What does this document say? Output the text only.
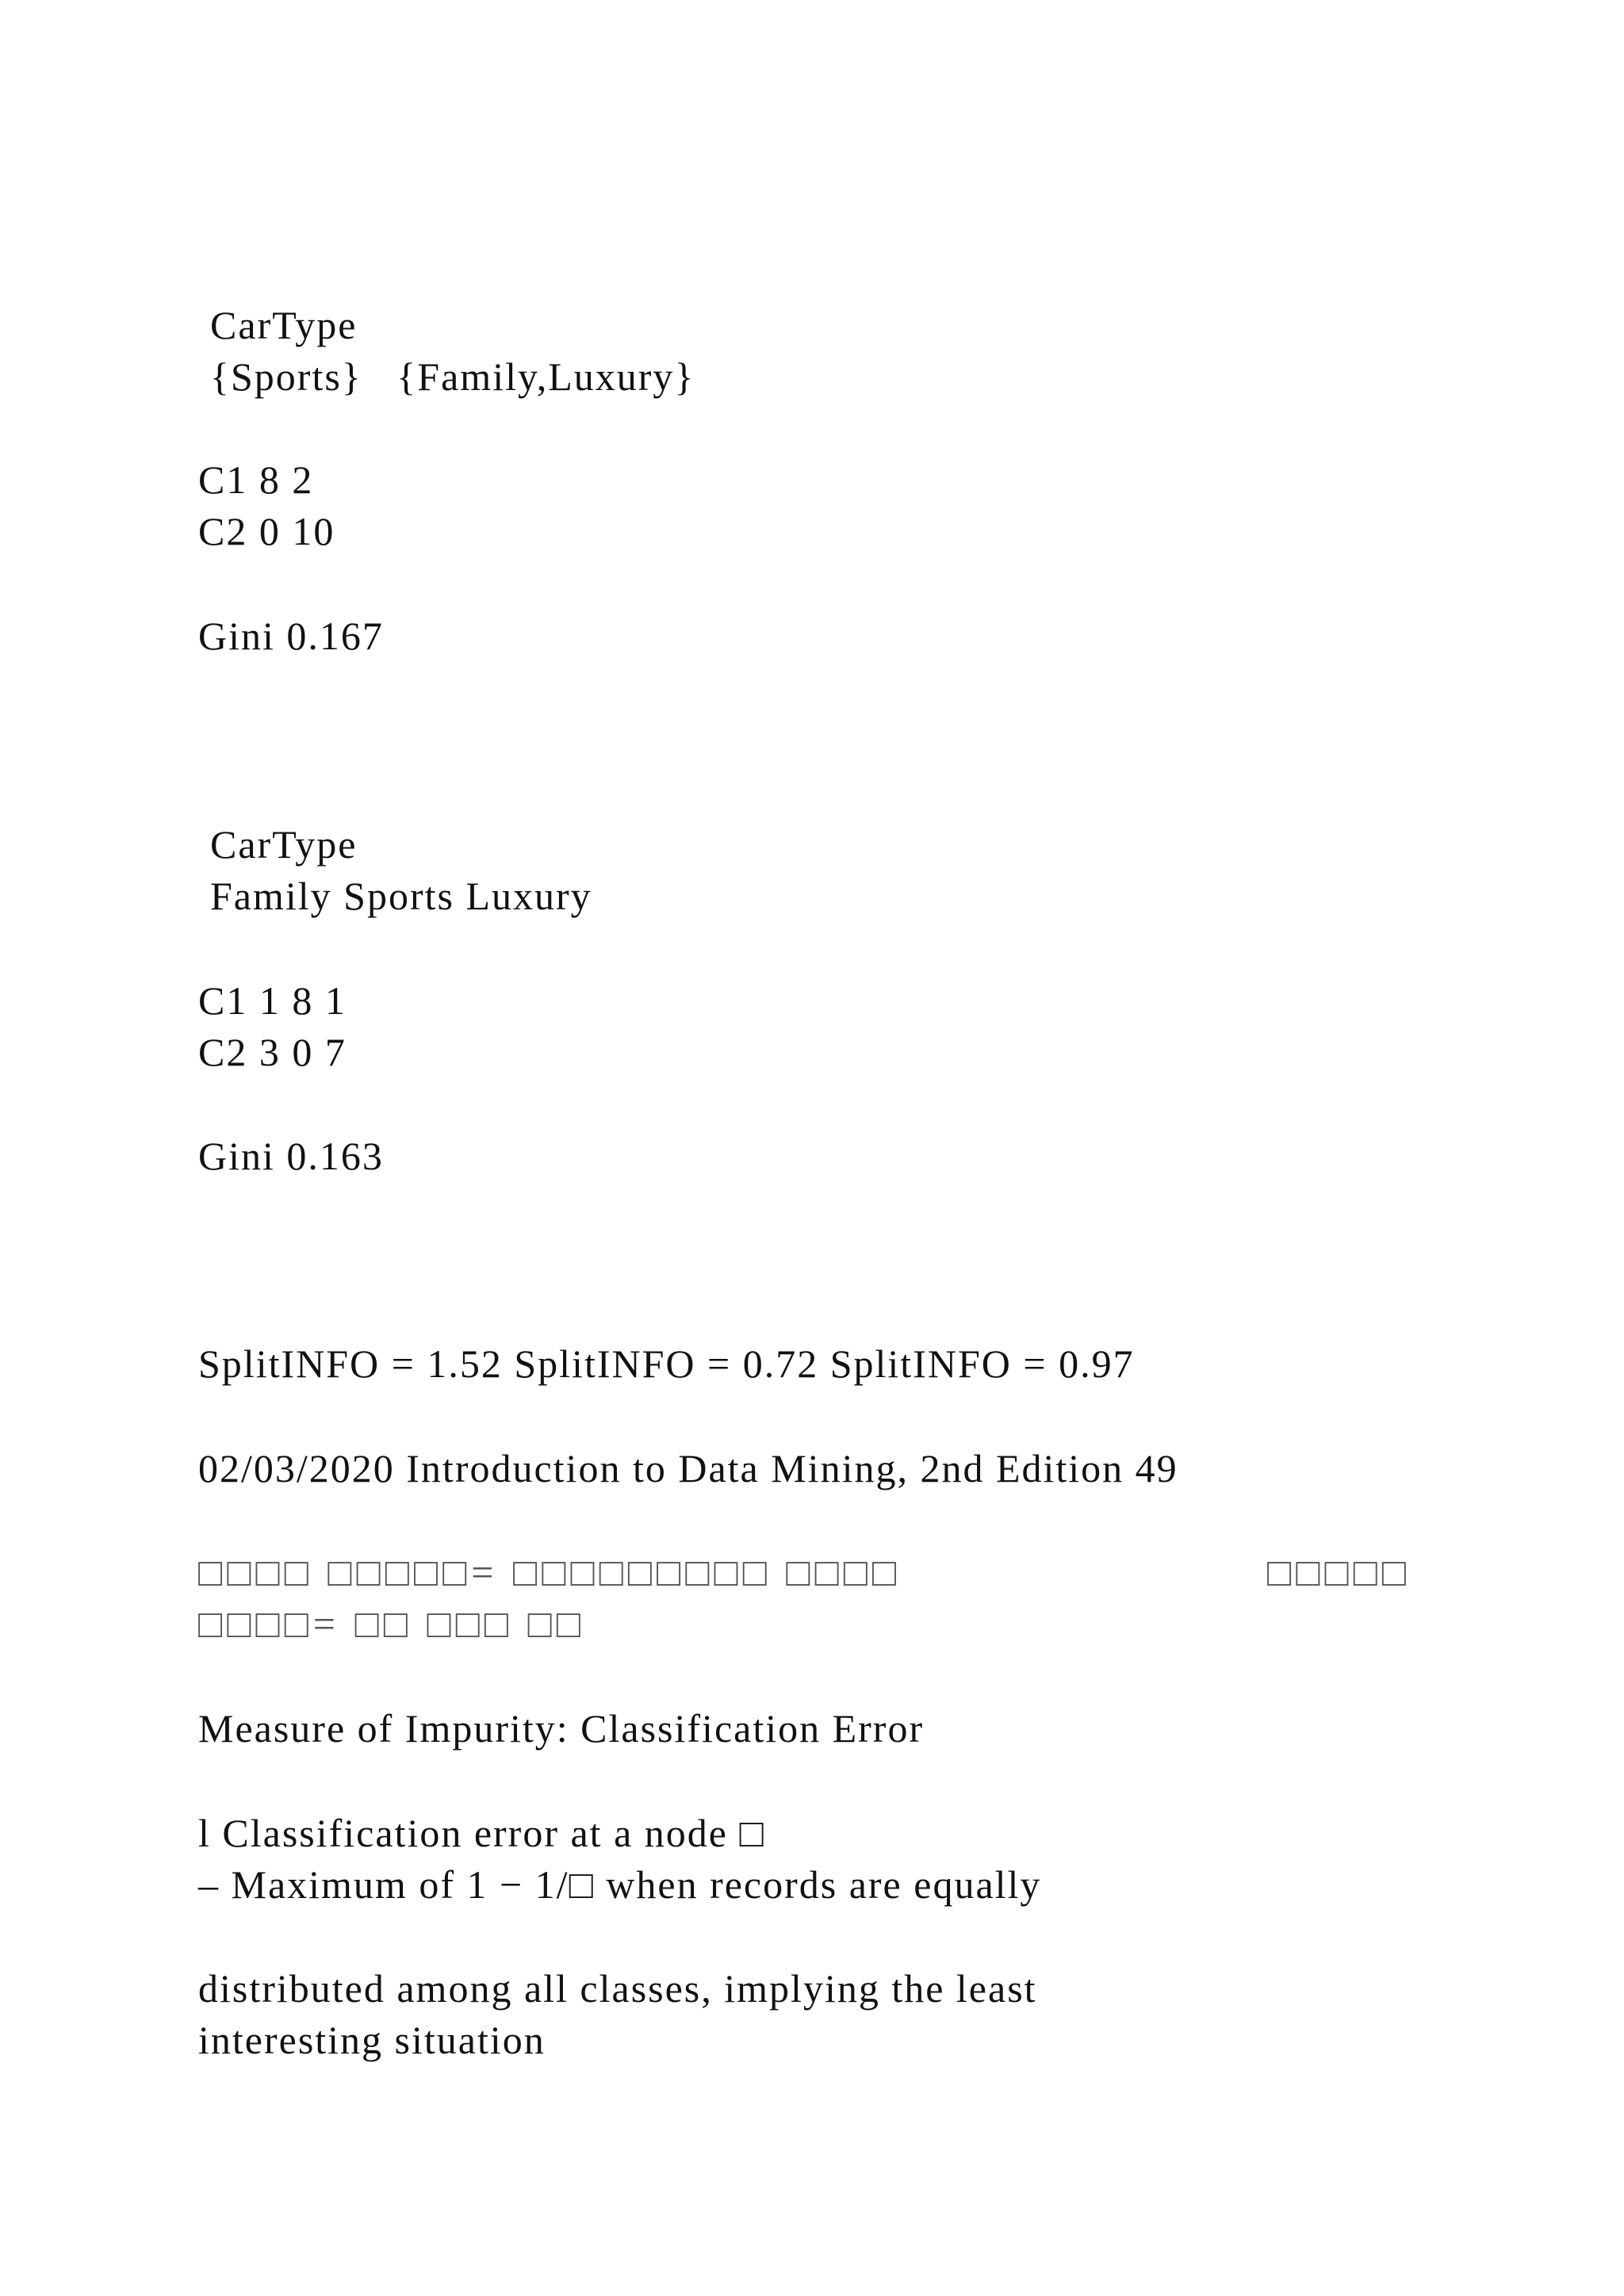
CarType
{Sports}   {Family,Luxury}
C1 8 2
C2 0 10
Gini 0.167
CarType
Family Sports Luxury
C1 1 8 1
C2 3 0 7
Gini 0.163
SplitINFO = 1.52 SplitINFO = 0.72 SplitINFO = 0.97
02/03/2020 Introduction to Data Mining, 2nd Edition 49
□□□□ □□□□□= □□□□□□□□□ □□□□	□□□□□
□□□□= □□ □□□ □□
Measure of Impurity: Classification Error
l Classification error at a node □
– Maximum of 1 − 1/□ when records are equally
distributed among all classes, implying the least
interesting situation
